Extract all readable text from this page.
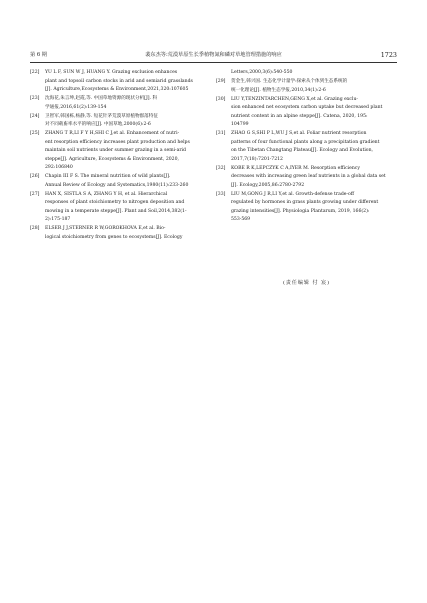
第 6 期	裴东杰等:荒漠草原生长季植物氮和磷对草地管理措施的响应	1723
[22]	YU L F, SUN W J, HUANG Y. Grazing exclusion enhances
plant and topsoil carbon stocks in arid and semiarid grasslands
[J]. Agriculture,Ecosystems & Environment,2021,320:107605
[23]	沈海花,朱言坤,赵霞,等. 中国草地资源的现状分析[J]. 科
学通报,2016,61(2):139-154
[24]	卫智军,韩国栋,杨静,等. 短花针茅荒漠草原植物群落特征
对不同载畜率水平的响应[J]. 中国草地,2000(6):2-6
[25]	ZHANG T R,LI F Y H,SHI C J,et al. Enhancement of nutri-
ent resorption efficiency increases plant production and helps
maintain soil nutrients under summer grazing in a semi-arid
steppe[J]. Agriculture, Ecosystems & Environment, 2020,
292:106840
[26]	Chapin III F S. The mineral nutrition of wild plants[J].
Annual Review of Ecology and Systematics,1980(11):233-260
[27]	HAN X, SISTLA S A, ZHANG Y H, et al. Hierarchical
responses of plant stoichiometry to nitrogen deposition and
mowing in a temperate steppe[J]. Plant and Soil,2014,382(1-
2):175-187
[28]	ELSER J J,STERNER R W,GOROKHOVA E,et al. Bio-
logical stoichiometry from genes to ecosystems[J]. Ecology
Letters,2000,3(6):540-550
[29]	贺金生,韩兴国. 生态化学计量学:探索从个体到生态系统的
统一化理论[J]. 植物生态学报,2010,34(1):2-6
[30]	LIU Y,TENZINTARCHEN,GENG X,et al. Grazing exclu-
sion enhanced net ecosystem carbon uptake but decreased plant
nutrient content in an alpine steppe[J]. Catena, 2020, 195:
104799
[31]	ZHAO G S,SHI P L,WU J S,et al. Foliar nutrient resorption
patterns of four functional plants along a precipitation gradient
on the Tibetan Changtang Plateau[J]. Ecology and Evolution,
2017,7(18):7201-7212
[32]	KOBE R K,LEPCZYK C A,IYER M. Resorption efficiency
decreases with increasing green leaf nutrients in a global data set
[J]. Ecology,2005,86:2780-2792
[33]	LIU M,GONG J R,LI Y,et al. Growth-defense trade-off
regulated by hormones in grass plants growing under different
grazing intensities[J]. Physiologia Plantarum, 2019, 166(2):
553-569
(责任编辑 付 宸)
